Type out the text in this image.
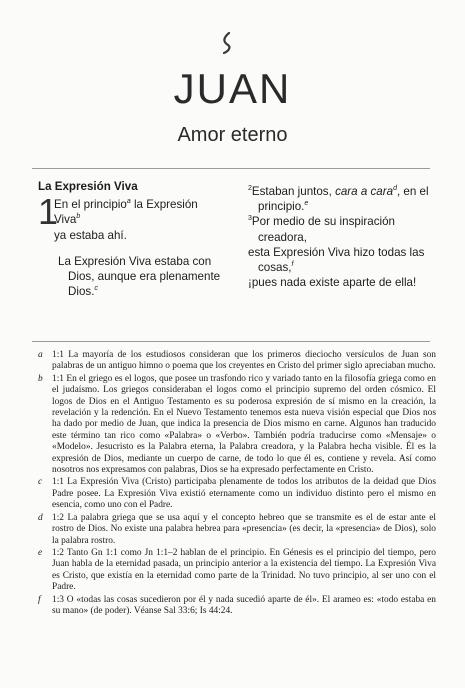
JUAN
Amor eterno
La Expresión Viva
1
En el principio$^a$ la Expresión Viva$^b$
ya estaba ahí.
La Expresión Viva estaba con
Dios, aunque era plenamente
Dios.$^c$
$^2$Estaban juntos, cara a cara$^d$, en el
principio.$^e$
$^3$Por medio de su inspiración
creadora,
esta Expresión Viva hizo todas las
cosas,$^f$
¡pues nada existe aparte de ella!
a 1:1 La mayoría de los estudiosos consideran que los primeros dieciocho versículos de Juan son palabras de un antiguo himno o poema que los creyentes en Cristo del primer siglo apreciaban mucho.
b 1:1 En el griego es el logos, que posee un trasfondo rico y variado tanto en la filosofía griega como en el judaísmo. Los griegos consideraban el logos como el principio supremo del orden cósmico. El logos de Dios en el Antiguo Testamento es su poderosa expresión de sí mismo en la creación, la revelación y la redención. En el Nuevo Testamento tenemos esta nueva visión especial que Dios nos ha dado por medio de Juan, que indica la presencia de Dios mismo en carne. Algunos han traducido este término tan rico como «Palabra» o «Verbo». También podría traducirse como «Mensaje» o «Modelo». Jesucristo es la Palabra eterna, la Palabra creadora, y la Palabra hecha visible. Él es la expresión de Dios, mediante un cuerpo de carne, de todo lo que él es, contiene y revela. Así como nosotros nos expresamos con palabras, Dios se ha expresado perfectamente en Cristo.
c 1:1 La Expresión Viva (Cristo) participaba plenamente de todos los atributos de la deidad que Dios Padre posee. La Expresión Viva existió eternamente como un individuo distinto pero el mismo en esencia, como uno con el Padre.
d 1:2 La palabra griega que se usa aquí y el concepto hebreo que se transmite es el de estar ante el rostro de Dios. No existe una palabra hebrea para «presencia» (es decir, la «presencia» de Dios), solo la palabra rostro.
e 1:2 Tanto Gn 1:1 como Jn 1:1–2 hablan de el principio. En Génesis es el principio del tiempo, pero Juan habla de la eternidad pasada, un principio anterior a la existencia del tiempo. La Expresión Viva es Cristo, que existía en la eternidad como parte de la Trinidad. No tuvo principio, al ser uno con el Padre.
f 1:3 O «todas las cosas sucedieron por él y nada sucedió aparte de él». El arameo es: «todo estaba en su mano» (de poder). Véanse Sal 33:6; Is 44:24.
